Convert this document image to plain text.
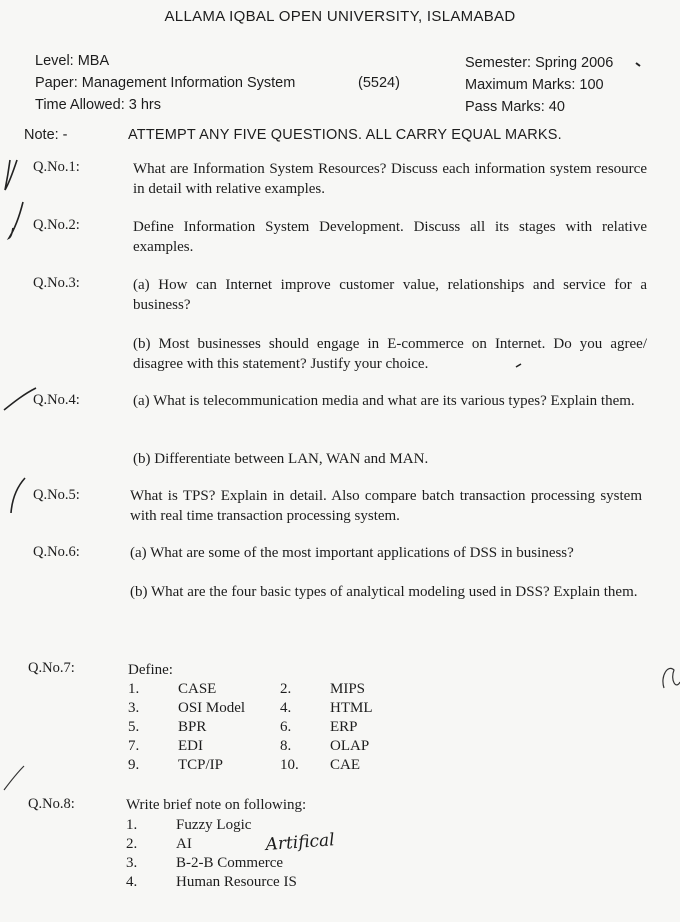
ALLAMA IQBAL OPEN UNIVERSITY, ISLAMABAD
Level: MBA
Paper: Management Information System
Time Allowed: 3 hrs
(5524)
Semester: Spring 2006
Maximum Marks: 100
Pass Marks: 40
Note: -	ATTEMPT ANY FIVE QUESTIONS. ALL CARRY EQUAL MARKS.
Q.No.1:	What are Information System Resources? Discuss each information system resource in detail with relative examples.
Q.No.2:	Define Information System Development. Discuss all its stages with relative examples.
Q.No.3:	(a) How can Internet improve customer value, relationships and service for a business?
(b) Most businesses should engage in E-commerce on Internet. Do you agree/ disagree with this statement? Justify your choice.
Q.No.4:	(a) What is telecommunication media and what are its various types? Explain them.
(b) Differentiate between LAN, WAN and MAN.
Q.No.5:	What is TPS? Explain in detail. Also compare batch transaction processing system with real time transaction processing system.
Q.No.6:	(a) What are some of the most important applications of DSS in business?
(b) What are the four basic types of analytical modeling used in DSS? Explain them.
Q.No.7:	Define:
1.	CASE	2.	MIPS
3.	OSI Model 4.	HTML
5.	BPR	6.	ERP
7.	EDI	8.	OLAP
9.	TCP/IP	10. CAE
Q.No.8:	Write brief note on following:
1.	Fuzzy Logic
2.	AI
3.	B-2-B Commerce
4.	Human Resource IS
Artifical
